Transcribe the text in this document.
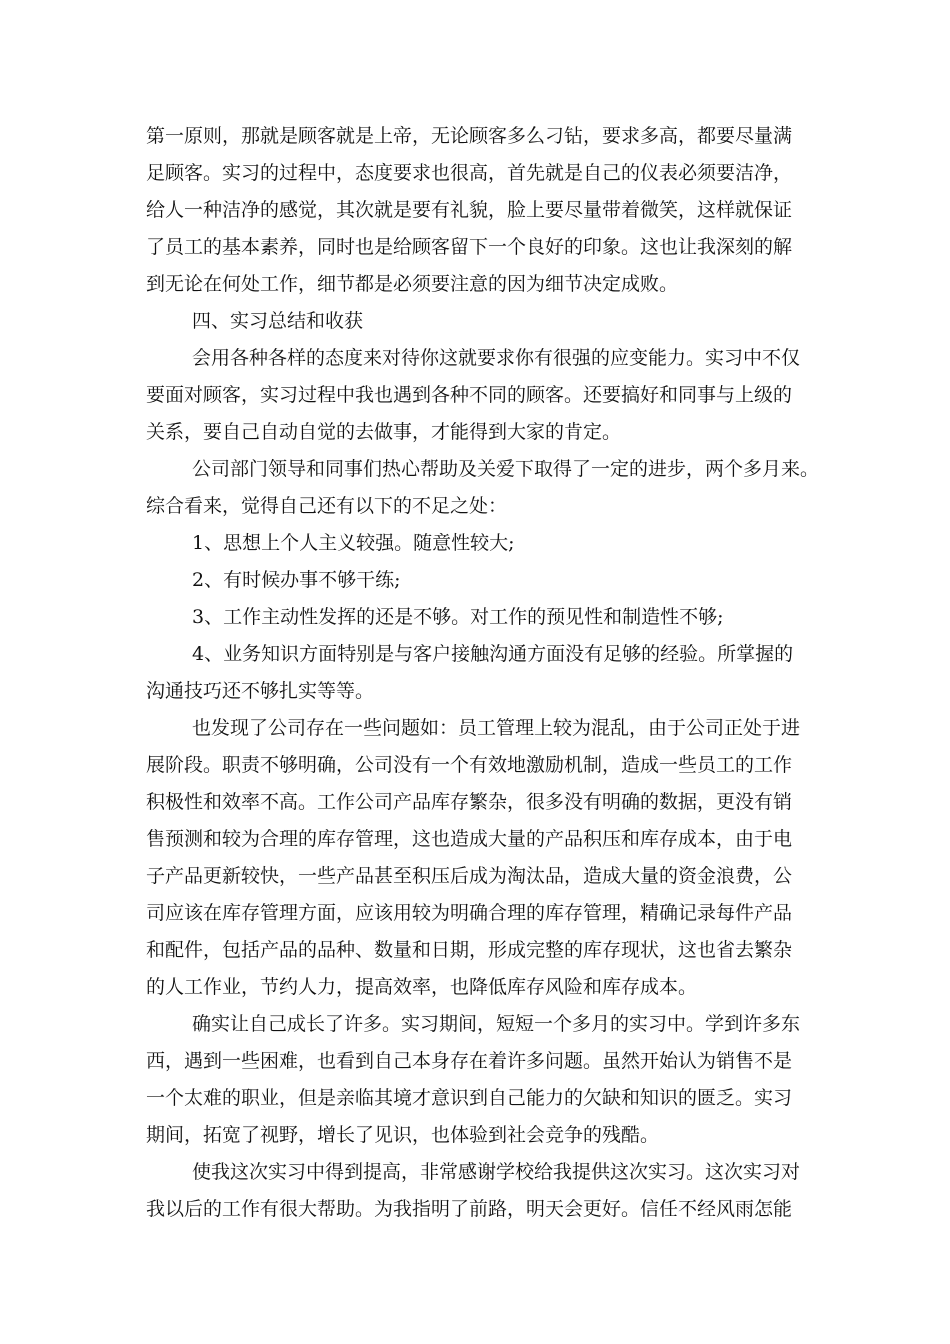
第一原则，那就是顾客就是上帝，无论顾客多么刁钻，要求多高，都要尽量满
足顾客。实习的过程中，态度要求也很高，首先就是自己的仪表必须要洁净，
给人一种洁净的感觉，其次就是要有礼貌，脸上要尽量带着微笑，这样就保证
了员工的基本素养，同时也是给顾客留下一个良好的印象。这也让我深刻的解
到无论在何处工作，细节都是必须要注意的因为细节决定成败。
四、实习总结和收获
会用各种各样的态度来对待你这就要求你有很强的应变能力。实习中不仅
要面对顾客，实习过程中我也遇到各种不同的顾客。还要搞好和同事与上级的
关系，要自己自动自觉的去做事，才能得到大家的肯定。
公司部门领导和同事们热心帮助及关爱下取得了一定的进步，两个多月来。
综合看来，觉得自己还有以下的不足之处：
1、思想上个人主义较强。随意性较大;
2、有时候办事不够干练;
3、工作主动性发挥的还是不够。对工作的预见性和制造性不够;
4、业务知识方面特别是与客户接触沟通方面没有足够的经验。所掌握的
沟通技巧还不够扎实等等。
也发现了公司存在一些问题如：员工管理上较为混乱，由于公司正处于进
展阶段。职责不够明确，公司没有一个有效地激励机制，造成一些员工的工作
积极性和效率不高。工作公司产品库存繁杂，很多没有明确的数据，更没有销
售预测和较为合理的库存管理，这也造成大量的产品积压和库存成本，由于电
子产品更新较快，一些产品甚至积压后成为淘汰品，造成大量的资金浪费，公
司应该在库存管理方面，应该用较为明确合理的库存管理，精确记录每件产品
和配件，包括产品的品种、数量和日期，形成完整的库存现状，这也省去繁杂
的人工作业，节约人力，提高效率，也降低库存风险和库存成本。
确实让自己成长了许多。实习期间，短短一个多月的实习中。学到许多东
西，遇到一些困难，也看到自己本身存在着许多问题。虽然开始认为销售不是
一个太难的职业，但是亲临其境才意识到自己能力的欠缺和知识的匮乏。实习
期间，拓宽了视野，增长了见识，也体验到社会竞争的残酷。
使我这次实习中得到提高，非常感谢学校给我提供这次实习。这次实习对
我以后的工作有很大帮助。为我指明了前路，明天会更好。信任不经风雨怎能
